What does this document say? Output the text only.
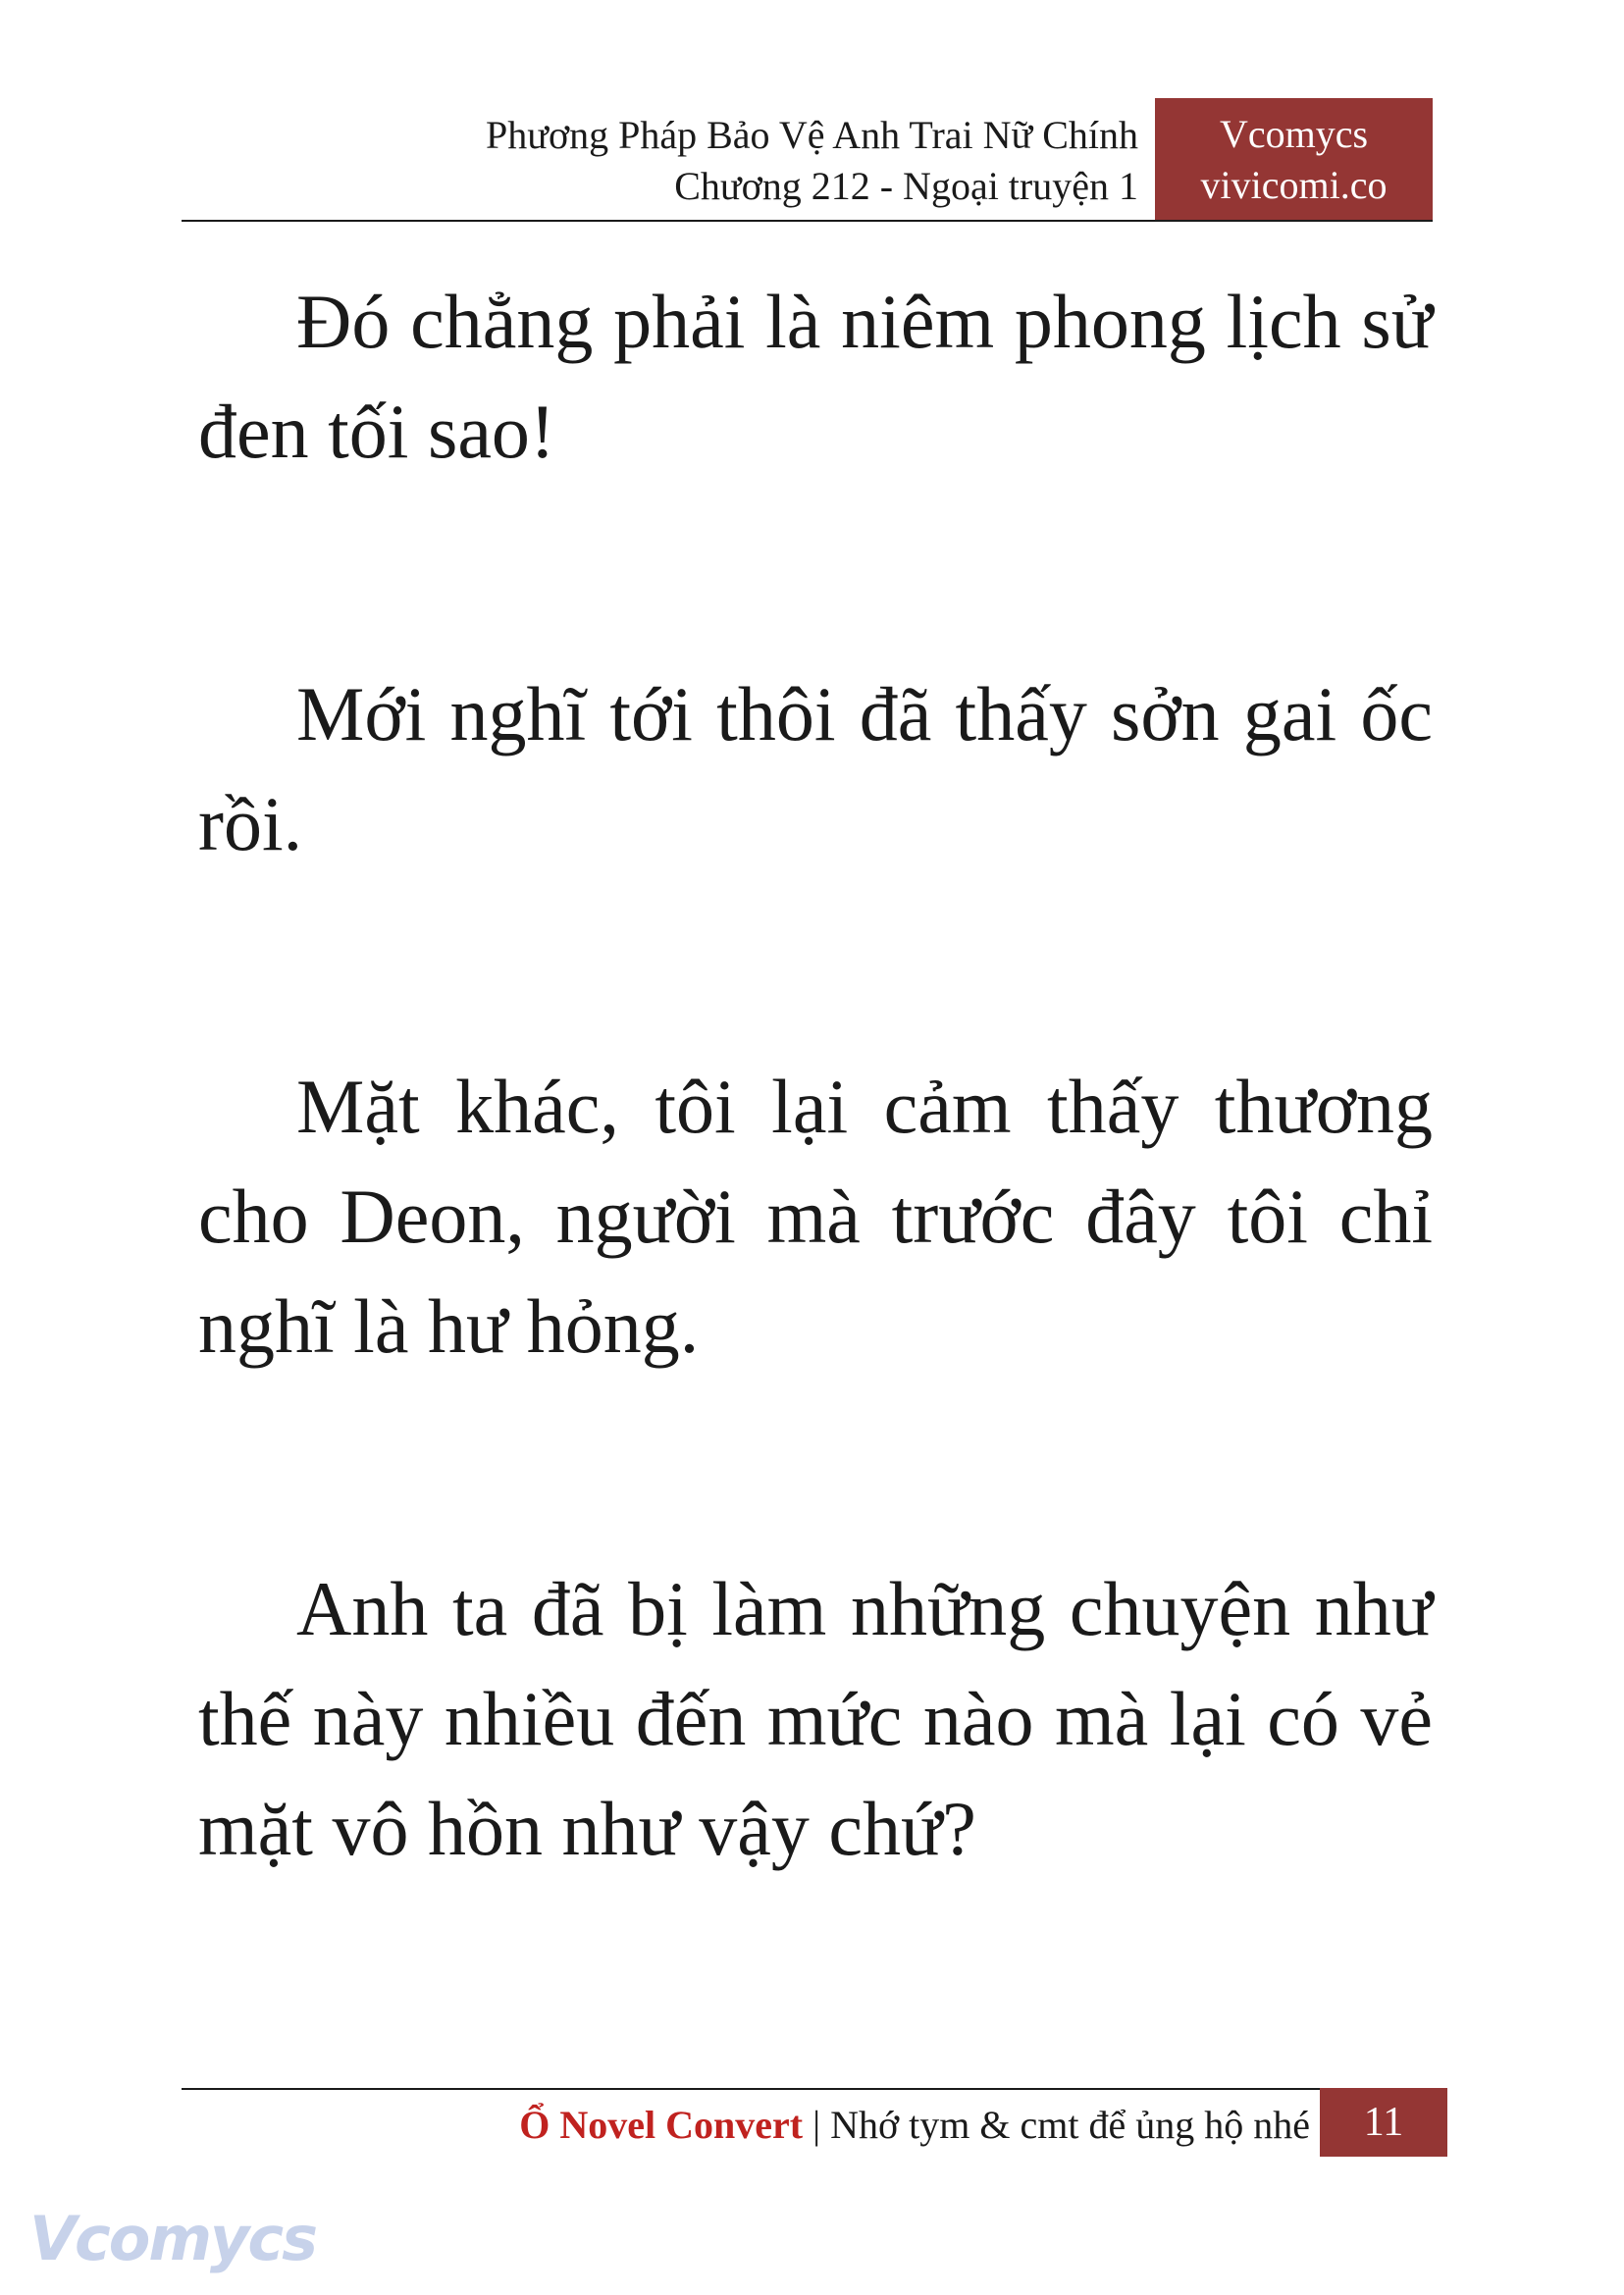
Phương Pháp Bảo Vệ Anh Trai Nữ Chính
Chương 212 - Ngoại truyện 1
Vcomycs
vivicomi.co

Đó chẳng phải là niêm phong lịch sử đen tối sao!

Mới nghĩ tới thôi đã thấy sởn gai ốc rồi.

Mặt khác, tôi lại cảm thấy thương cho Deon, người mà trước đây tôi chỉ nghĩ là hư hỏng.

Anh ta đã bị làm những chuyện như thế này nhiều đến mức nào mà lại có vẻ mặt vô hồn như vậy chứ?

Ổ Novel Convert | Nhớ tym & cmt để ủng hộ nhé	11
Vcomycs
